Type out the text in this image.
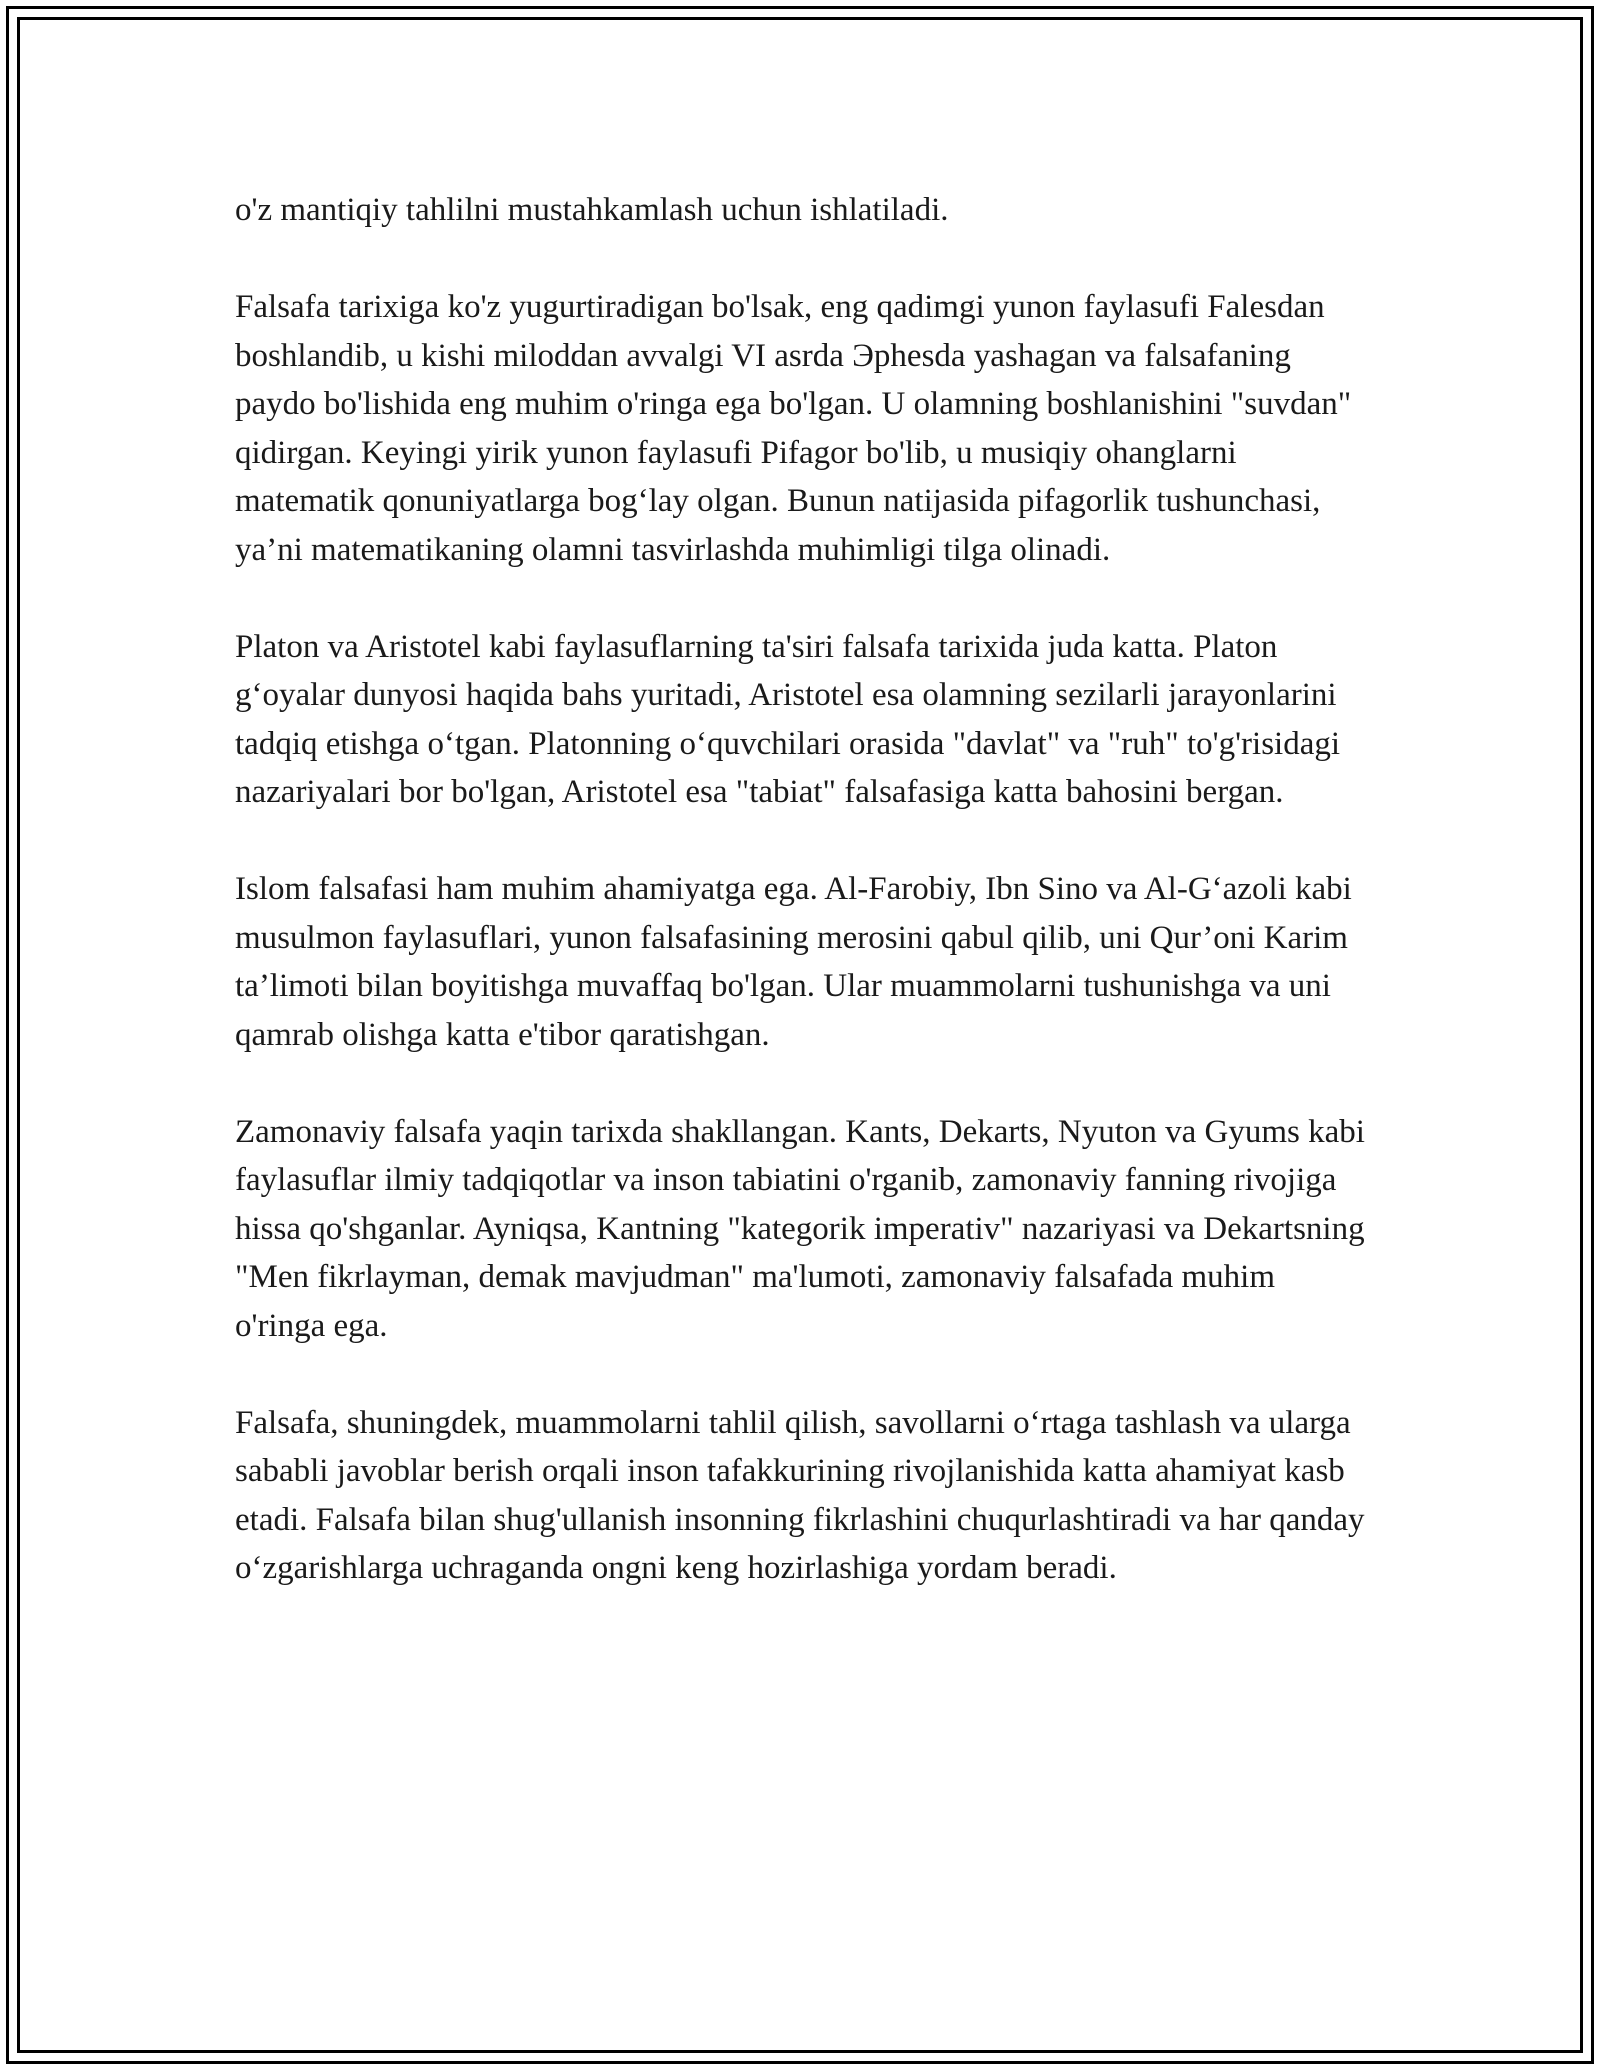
o'z mantiqiy tahlilni mustahkamlash uchun ishlatiladi.

Falsafa tarixiga ko'z yugurtiradigan bo'lsak, eng qadimgi yunon faylasufi Falesdan boshlandib, u kishi miloddan avvalgi VI asrda Эphesda yashagan va falsafaning paydo bo'lishida eng muhim o'ringa ega bo'lgan. U olamning boshlanishini "suvdan" qidirgan. Keyingi yirik yunon faylasufi Pifagor bo'lib, u musiqiy ohanglarni matematik qonuniyatlarga bog‘lay olgan. Bunun natijasida pifagorlik tushunchasi, ya’ni matematikaning olamni tasvirlashda muhimligi tilga olinadi.

Platon va Aristotel kabi faylasuflarning ta'siri falsafa tarixida juda katta. Platon g‘oyalar dunyosi haqida bahs yuritadi, Aristotel esa olamning sezilarli jarayonlarini tadqiq etishga o‘tgan. Platonning o‘quvchilari orasida "davlat" va "ruh" to'g'risidagi nazariyalari bor bo'lgan, Aristotel esa "tabiat" falsafasiga katta bahosini bergan.

Islom falsafasi ham muhim ahamiyatga ega. Al-Farobiy, Ibn Sino va Al-G‘azoli kabi musulmon faylasuflari, yunon falsafasining merosini qabul qilib, uni Qur’oni Karim ta’limoti bilan boyitishga muvaffaq bo'lgan. Ular muammolarni tushunishga va uni qamrab olishga katta e'tibor qaratishgan.

Zamonaviy falsafa yaqin tarixda shakllangan. Kants, Dekarts, Nyuton va Gyums kabi faylasuflar ilmiy tadqiqotlar va inson tabiatini o'rganib, zamonaviy fanning rivojiga hissa qo'shganlar. Ayniqsa, Kantning "kategorik imperativ" nazariyasi va Dekartsning "Men fikrlayman, demak mavjudman" ma'lumoti, zamonaviy falsafada muhim o'ringa ega.

Falsafa, shuningdek, muammolarni tahlil qilish, savollarni o‘rtaga tashlash va ularga sababli javoblar berish orqali inson tafakkurining rivojlanishida katta ahamiyat kasb etadi. Falsafa bilan shug'ullanish insonning fikrlashini chuqurlashtiradi va har qanday o‘zgarishlarga uchraganda ongni keng hozirlashiga yordam beradi.
